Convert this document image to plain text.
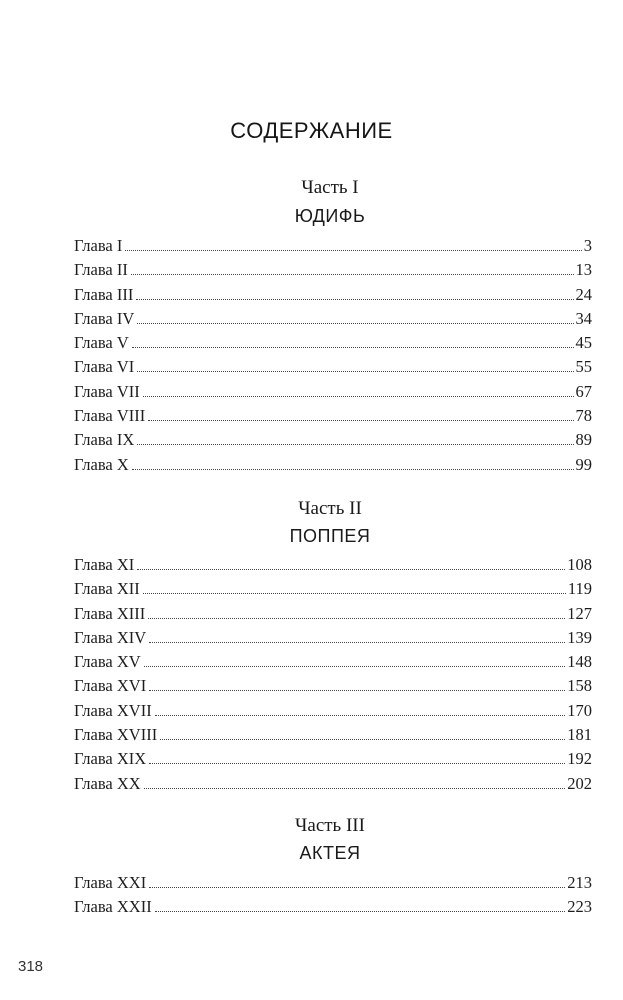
СОДЕРЖАНИЕ
Часть I
ЮДИФЬ
Глава I	3
Глава II	13
Глава III	24
Глава IV	34
Глава V	45
Глава VI	55
Глава VII	67
Глава VIII	78
Глава IX	89
Глава X	99
Часть II
ПОППЕЯ
Глава XI	108
Глава XII	119
Глава XIII	127
Глава XIV	139
Глава XV	148
Глава XVI	158
Глава XVII	170
Глава XVIII	181
Глава XIX	192
Глава XX	202
Часть III
АКТЕЯ
Глава XXI	213
Глава XXII	223
318
